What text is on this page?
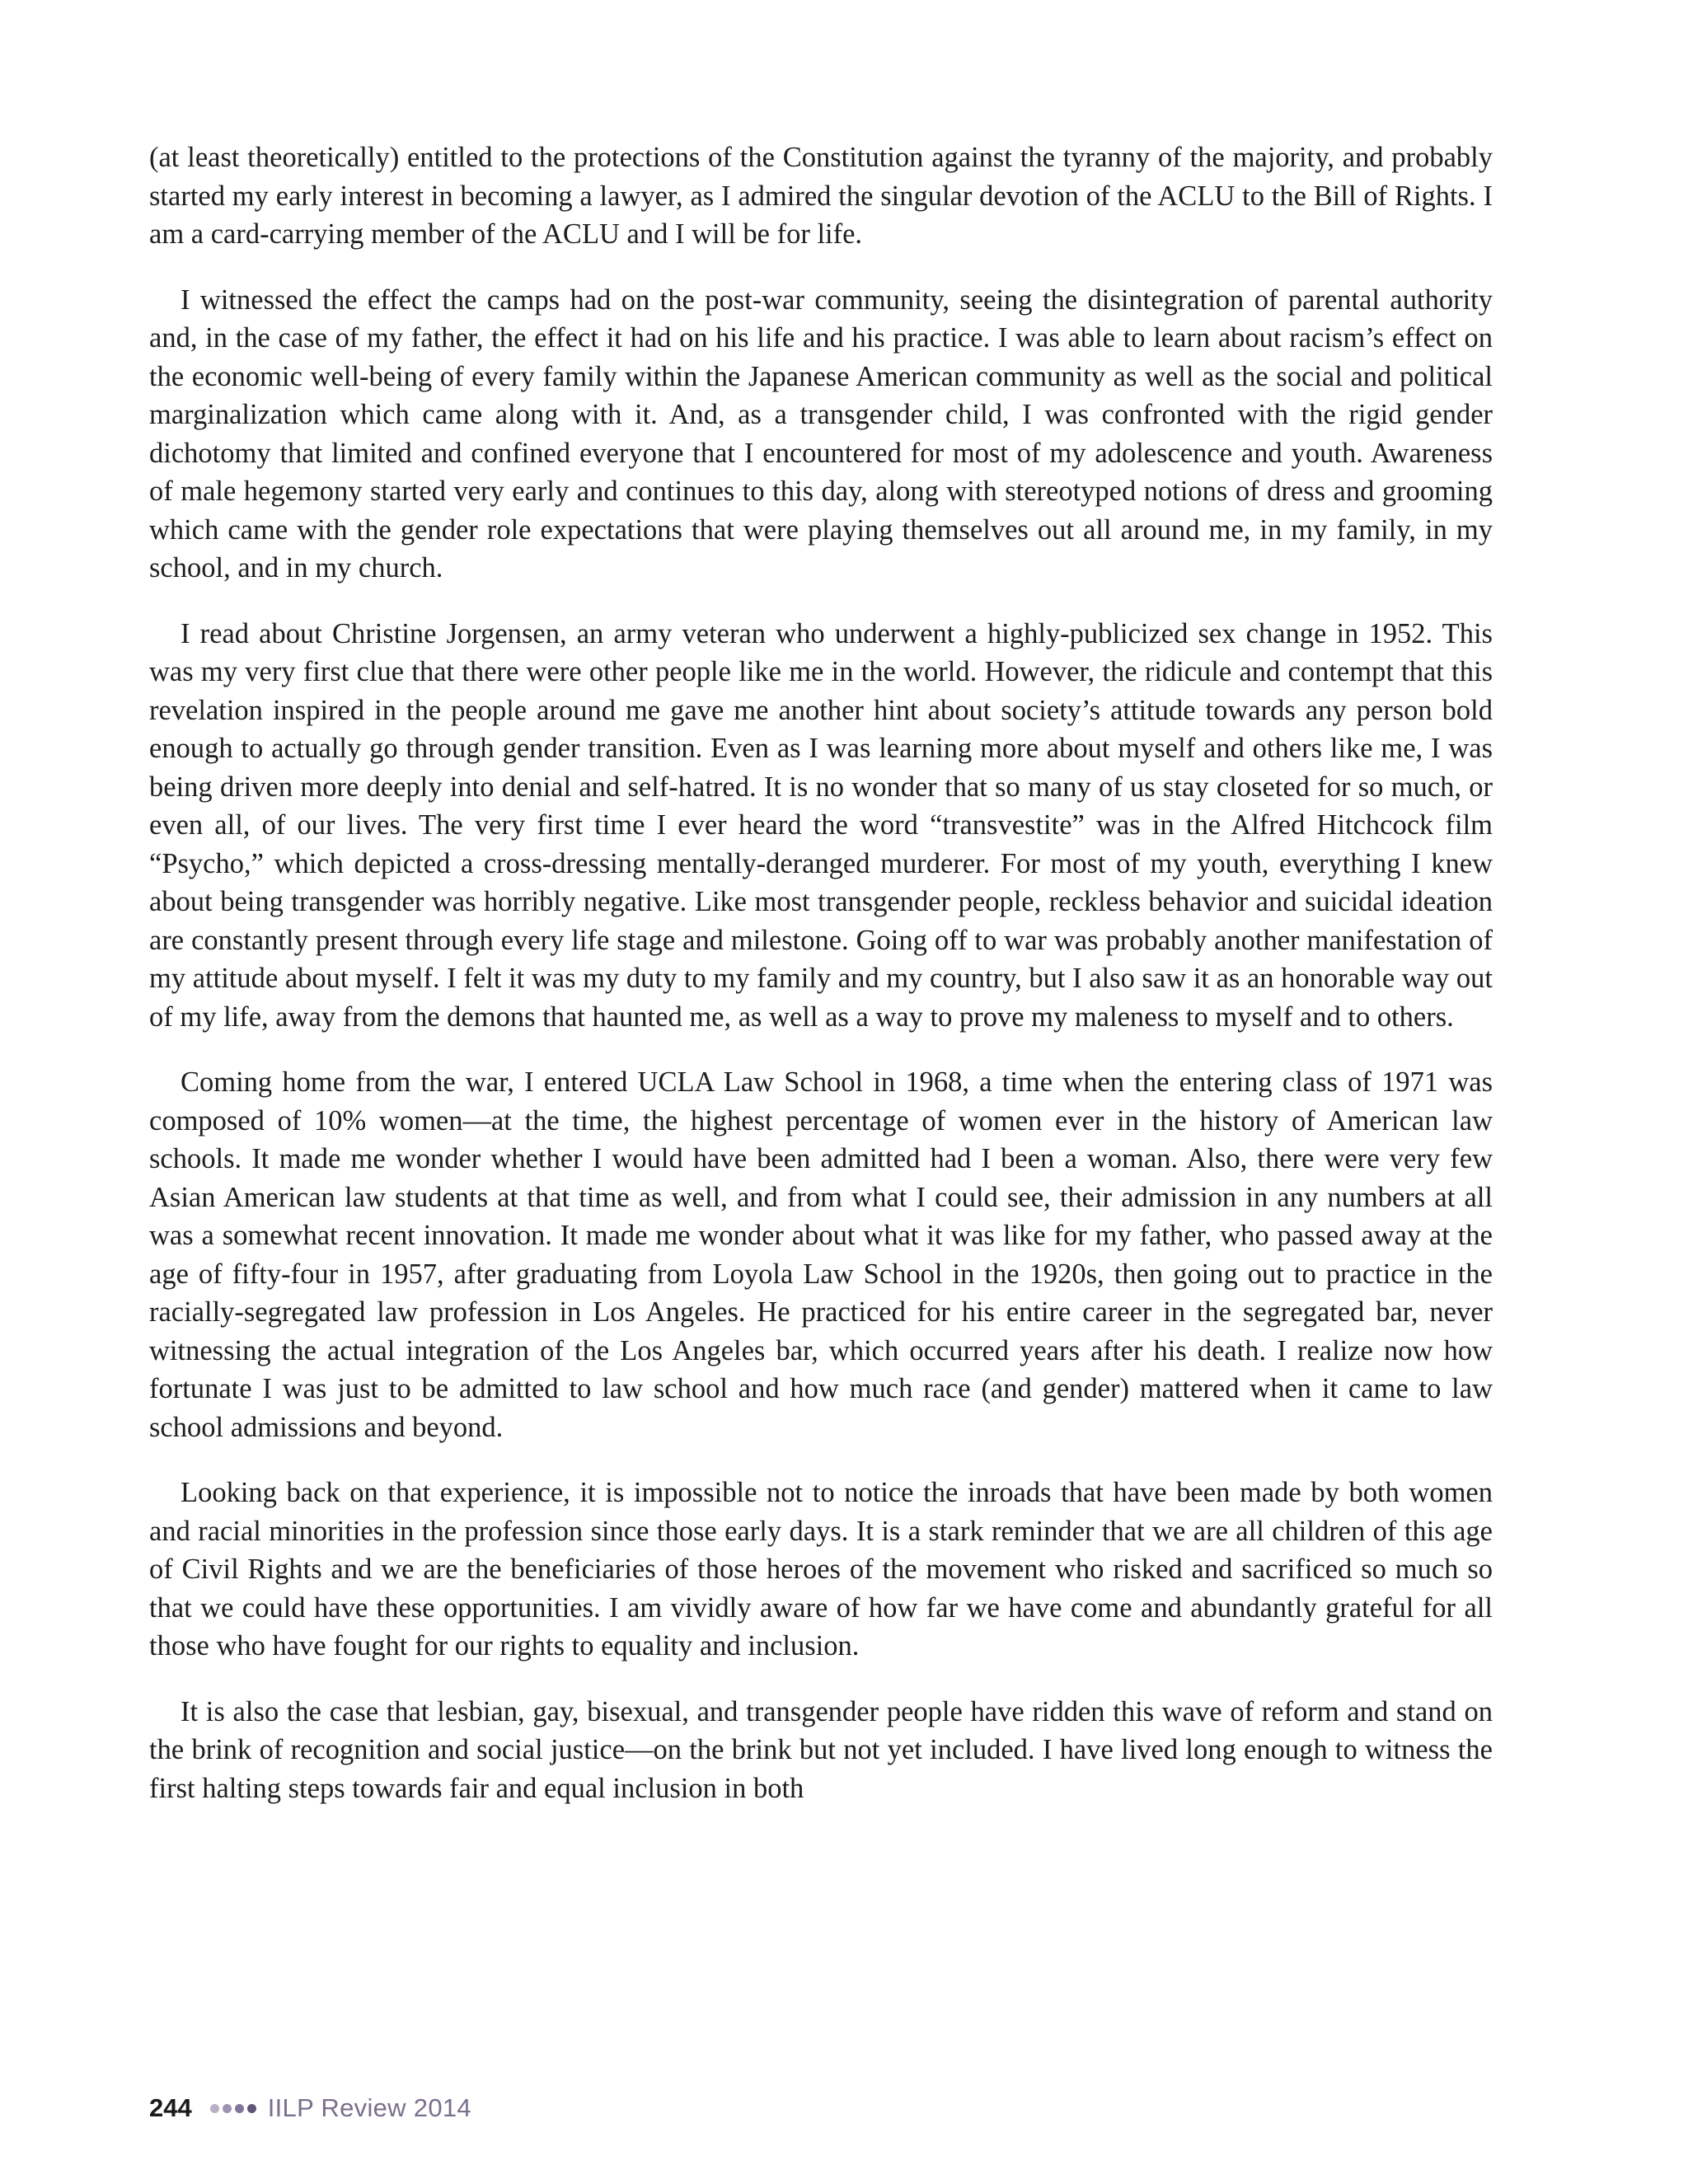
(at least theoretically) entitled to the protections of the Constitution against the tyranny of the majority, and probably started my early interest in becoming a lawyer, as I admired the singular devotion of the ACLU to the Bill of Rights. I am a card-carrying member of the ACLU and I will be for life.

I witnessed the effect the camps had on the post-war community, seeing the disintegration of parental authority and, in the case of my father, the effect it had on his life and his practice. I was able to learn about racism’s effect on the economic well-being of every family within the Japanese American community as well as the social and political marginalization which came along with it. And, as a transgender child, I was confronted with the rigid gender dichotomy that limited and confined everyone that I encountered for most of my adolescence and youth. Awareness of male hegemony started very early and continues to this day, along with stereotyped notions of dress and grooming which came with the gender role expectations that were playing themselves out all around me, in my family, in my school, and in my church.

I read about Christine Jorgensen, an army veteran who underwent a highly-publicized sex change in 1952. This was my very first clue that there were other people like me in the world. However, the ridicule and contempt that this revelation inspired in the people around me gave me another hint about society’s attitude towards any person bold enough to actually go through gender transition. Even as I was learning more about myself and others like me, I was being driven more deeply into denial and self-hatred. It is no wonder that so many of us stay closeted for so much, or even all, of our lives. The very first time I ever heard the word “transvestite” was in the Alfred Hitchcock film “Psycho,” which depicted a cross-dressing mentally-deranged murderer. For most of my youth, everything I knew about being transgender was horribly negative. Like most transgender people, reckless behavior and suicidal ideation are constantly present through every life stage and milestone. Going off to war was probably another manifestation of my attitude about myself. I felt it was my duty to my family and my country, but I also saw it as an honorable way out of my life, away from the demons that haunted me, as well as a way to prove my maleness to myself and to others.

Coming home from the war, I entered UCLA Law School in 1968, a time when the entering class of 1971 was composed of 10% women—at the time, the highest percentage of women ever in the history of American law schools. It made me wonder whether I would have been admitted had I been a woman. Also, there were very few Asian American law students at that time as well, and from what I could see, their admission in any numbers at all was a somewhat recent innovation. It made me wonder about what it was like for my father, who passed away at the age of fifty-four in 1957, after graduating from Loyola Law School in the 1920s, then going out to practice in the racially-segregated law profession in Los Angeles. He practiced for his entire career in the segregated bar, never witnessing the actual integration of the Los Angeles bar, which occurred years after his death. I realize now how fortunate I was just to be admitted to law school and how much race (and gender) mattered when it came to law school admissions and beyond.

Looking back on that experience, it is impossible not to notice the inroads that have been made by both women and racial minorities in the profession since those early days. It is a stark reminder that we are all children of this age of Civil Rights and we are the beneficiaries of those heroes of the movement who risked and sacrificed so much so that we could have these opportunities. I am vividly aware of how far we have come and abundantly grateful for all those who have fought for our rights to equality and inclusion.

It is also the case that lesbian, gay, bisexual, and transgender people have ridden this wave of reform and stand on the brink of recognition and social justice—on the brink but not yet included. I have lived long enough to witness the first halting steps towards fair and equal inclusion in both

244	IILP Review 2014
